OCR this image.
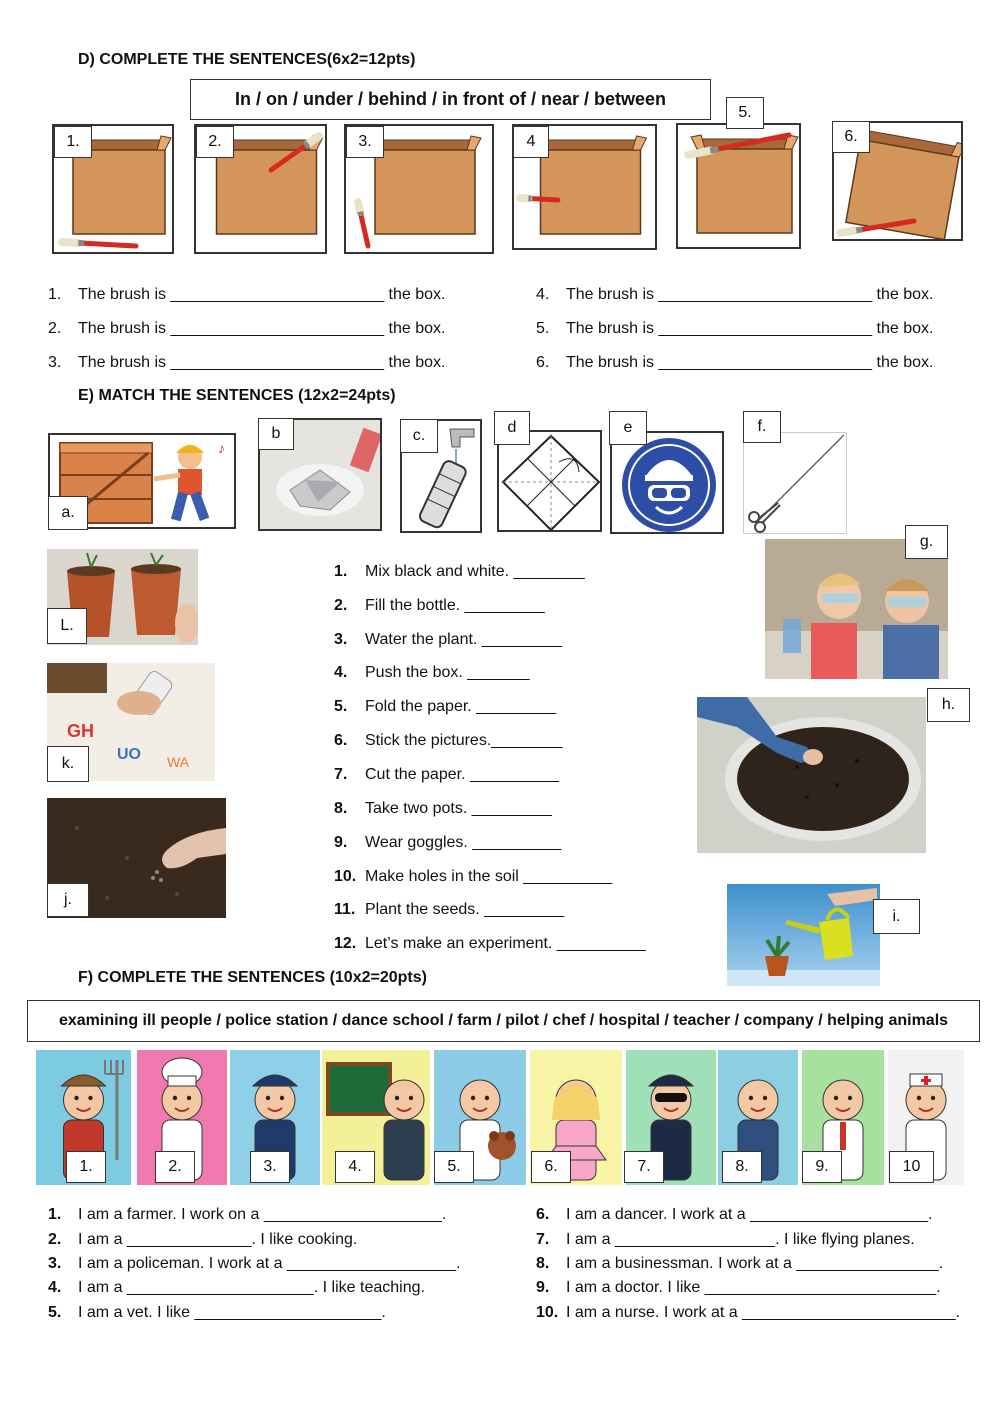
D) COMPLETE THE SENTENCES(6x2=12pts)
In / on / under / behind / in front of / near / between
1.	2.	3.	4
5.
6.
1. The brush is ________________________ the box.
2. The brush is ________________________ the box.
3. The brush is ________________________ the box.
4. The brush is ________________________ the box.
5. The brush is ________________________ the box.
6. The brush is ________________________ the box.
E) MATCH THE SENTENCES (12x2=24pts)
♪
a.
b	c.	d	e	f.
L.
GH
UO WA
k.
j.
g.
h.
i.
1. Mix black and white. ________
2. Fill the bottle. _________
3. Water the plant. _________
4. Push the box. _______
5. Fold the paper. _________
6. Stick the pictures.________
7. Cut the paper. __________
8. Take two pots. _________
9. Wear goggles. __________
10. Make holes in the soil __________
11. Plant the seeds. _________
12. Let’s make an experiment. __________
F) COMPLETE THE SENTENCES (10x2=20pts)
examining ill people / police station / dance school / farm / pilot / chef / hospital / teacher / company / helping animals
1.	2.	3.	4.	5.	6.	7.	8.	9.	10
1. I am a farmer. I work on a ____________________.
2. I am a ______________. I like cooking.
3. I am a policeman. I work at a ___________________.
4. I am a _____________________. I like teaching.
5. I am a vet. I like _____________________.
6. I am a dancer. I work at a ____________________.
7. I am a __________________. I like flying planes.
8. I am a businessman. I work at a ________________.
9. I am a doctor. I like __________________________.
10. I am a nurse. I work at a ________________________.
